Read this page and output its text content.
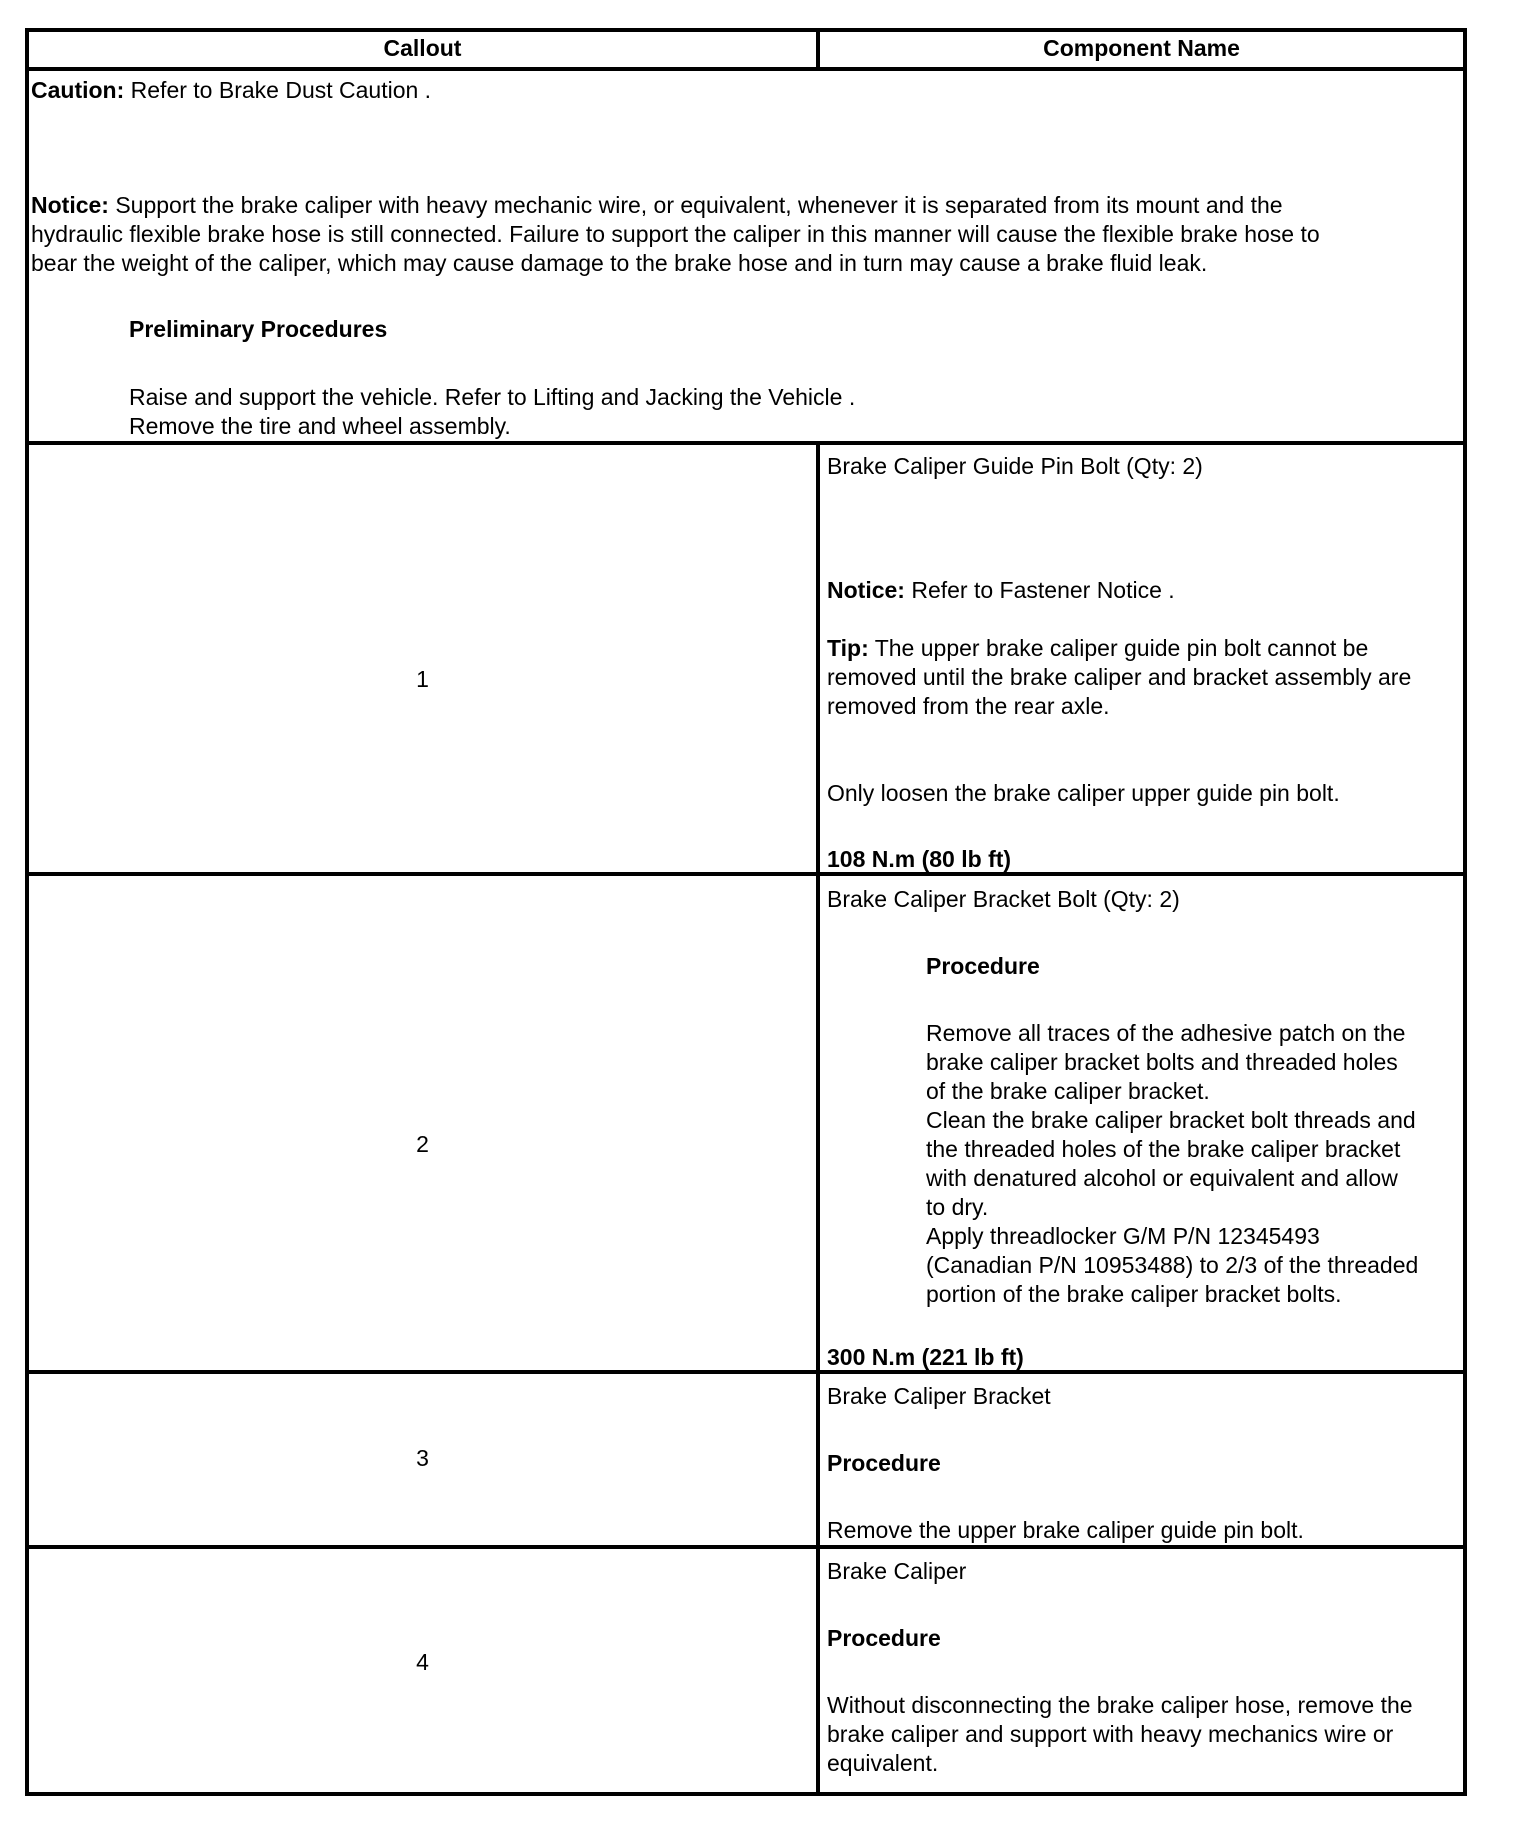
Callout	Component Name
Caution: Refer to Brake Dust Caution .
Notice: Support the brake caliper with heavy mechanic wire, or equivalent, whenever it is separated from its mount and the
hydraulic flexible brake hose is still connected. Failure to support the caliper in this manner will cause the flexible brake hose to
bear the weight of the caliper, which may cause damage to the brake hose and in turn may cause a brake fluid leak.
Preliminary Procedures
Raise and support the vehicle. Refer to Lifting and Jacking the Vehicle .
Remove the tire and wheel assembly.
1
Brake Caliper Guide Pin Bolt (Qty: 2)
Notice: Refer to Fastener Notice .
Tip: The upper brake caliper guide pin bolt cannot be
removed until the brake caliper and bracket assembly are
removed from the rear axle.
Only loosen the brake caliper upper guide pin bolt.
108 N.m (80 lb ft)
2
Brake Caliper Bracket Bolt (Qty: 2)
Procedure
Remove all traces of the adhesive patch on the
brake caliper bracket bolts and threaded holes
of the brake caliper bracket.
Clean the brake caliper bracket bolt threads and
the threaded holes of the brake caliper bracket
with denatured alcohol or equivalent and allow
to dry.
Apply threadlocker G/M P/N 12345493
(Canadian P/N 10953488) to 2/3 of the threaded
portion of the brake caliper bracket bolts.
300 N.m (221 lb ft)
3
Brake Caliper Bracket
Procedure
Remove the upper brake caliper guide pin bolt.
4
Brake Caliper
Procedure
Without disconnecting the brake caliper hose, remove the
brake caliper and support with heavy mechanics wire or
equivalent.
